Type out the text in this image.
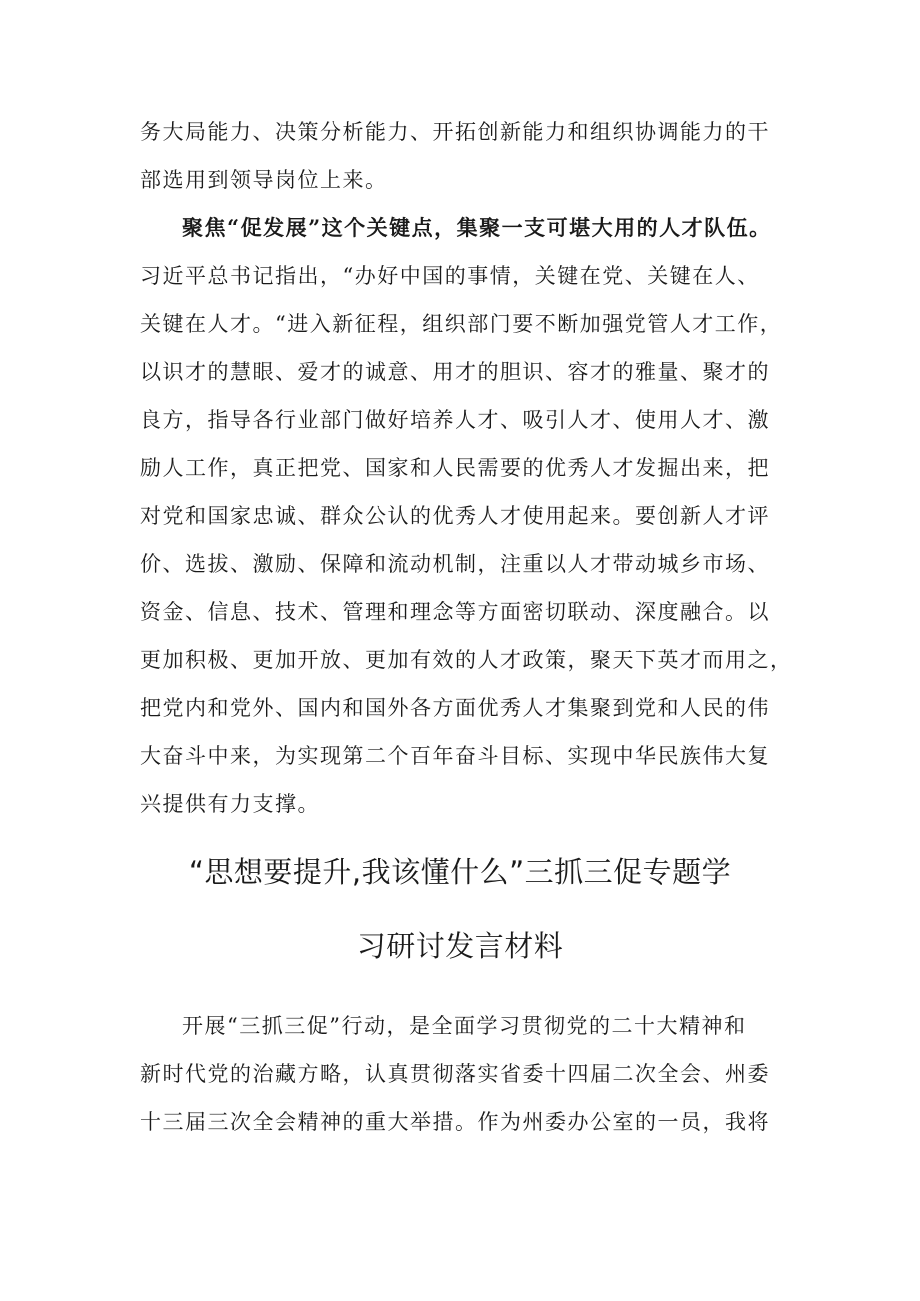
务大局能力、决策分析能力、开拓创新能力和组织协调能力的干
部选用到领导岗位上来。
聚焦“促发展”这个关键点，集聚一支可堪大用的人才队伍。
习近平总书记指出，“办好中国的事情，关键在党、关键在人、
关键在人才。“进入新征程，组织部门要不断加强党管人才工作，
以识才的慧眼、爱才的诚意、用才的胆识、容才的雅量、聚才的
良方，指导各行业部门做好培养人才、吸引人才、使用人才、激
励人工作，真正把党、国家和人民需要的优秀人才发掘出来，把
对党和国家忠诚、群众公认的优秀人才使用起来。要创新人才评
价、选拔、激励、保障和流动机制，注重以人才带动城乡市场、
资金、信息、技术、管理和理念等方面密切联动、深度融合。以
更加积极、更加开放、更加有效的人才政策，聚天下英才而用之，
把党内和党外、国内和国外各方面优秀人才集聚到党和人民的伟
大奋斗中来，为实现第二个百年奋斗目标、实现中华民族伟大复
兴提供有力支撑。
“思想要提升,我该懂什么”三抓三促专题学
习研讨发言材料
开展“三抓三促”行动，是全面学习贯彻党的二十大精神和
新时代党的治藏方略，认真贯彻落实省委十四届二次全会、州委
十三届三次全会精神的重大举措。作为州委办公室的一员，我将
